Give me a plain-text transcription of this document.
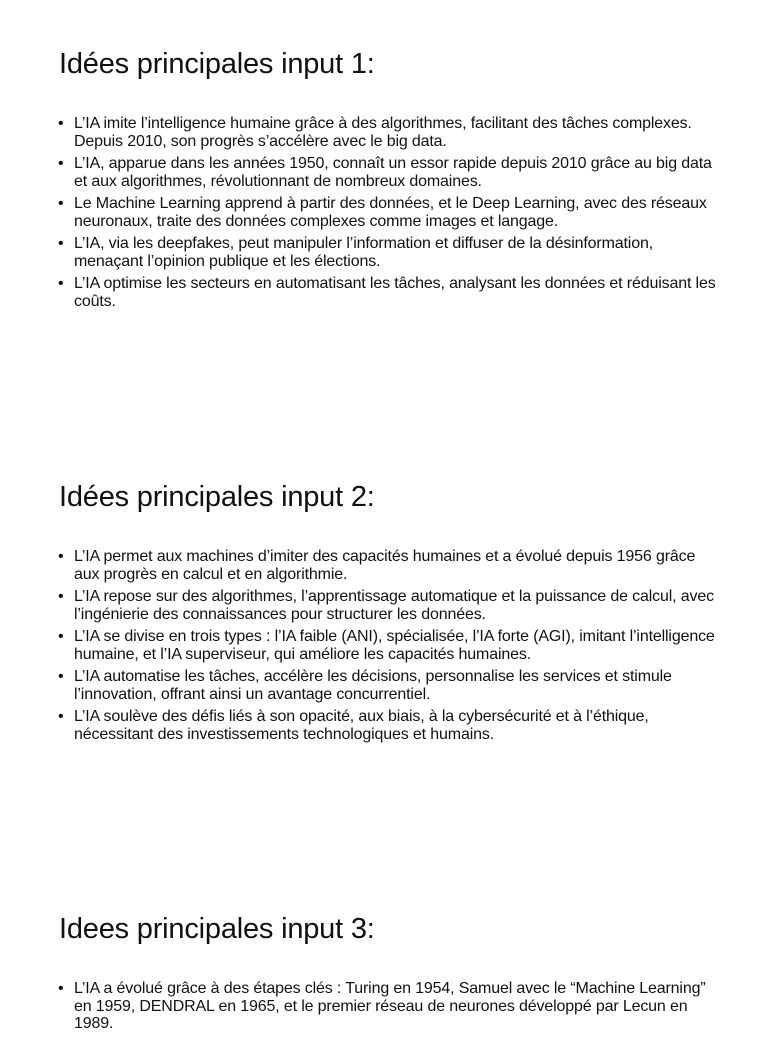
Idées principales input 1:
• L’IA imite l’intelligence humaine grâce à des algorithmes, facilitant des tâches complexes. Depuis 2010, son progrès s’accélère avec le big data.
• L’IA, apparue dans les années 1950, connaît un essor rapide depuis 2010 grâce au big data et aux algorithmes, révolutionnant de nombreux domaines.
• Le Machine Learning apprend à partir des données, et le Deep Learning, avec des réseaux neuronaux, traite des données complexes comme images et langage.
• L’IA, via les deepfakes, peut manipuler l’information et diffuser de la désinformation, menaçant l’opinion publique et les élections.
• L’IA optimise les secteurs en automatisant les tâches, analysant les données et réduisant les coûts.
Idées principales input 2:
• L’IA permet aux machines d’imiter des capacités humaines et a évolué depuis 1956 grâce aux progrès en calcul et en algorithmie.
• L’IA repose sur des algorithmes, l’apprentissage automatique et la puissance de calcul, avec l’ingénierie des connaissances pour structurer les données.
• L’IA se divise en trois types : l’IA faible (ANI), spécialisée, l’IA forte (AGI), imitant l’intelligence humaine, et l’IA superviseur, qui améliore les capacités humaines.
• L’IA automatise les tâches, accélère les décisions, personnalise les services et stimule l’innovation, offrant ainsi un avantage concurrentiel.
• L’IA soulève des défis liés à son opacité, aux biais, à la cybersécurité et à l’éthique, nécessitant des investissements technologiques et humains.
Idees principales input 3:
• L’IA a évolué grâce à des étapes clés : Turing en 1954, Samuel avec le “Machine Learning” en 1959, DENDRAL en 1965, et le premier réseau de neurones développé par Lecun en 1989.
